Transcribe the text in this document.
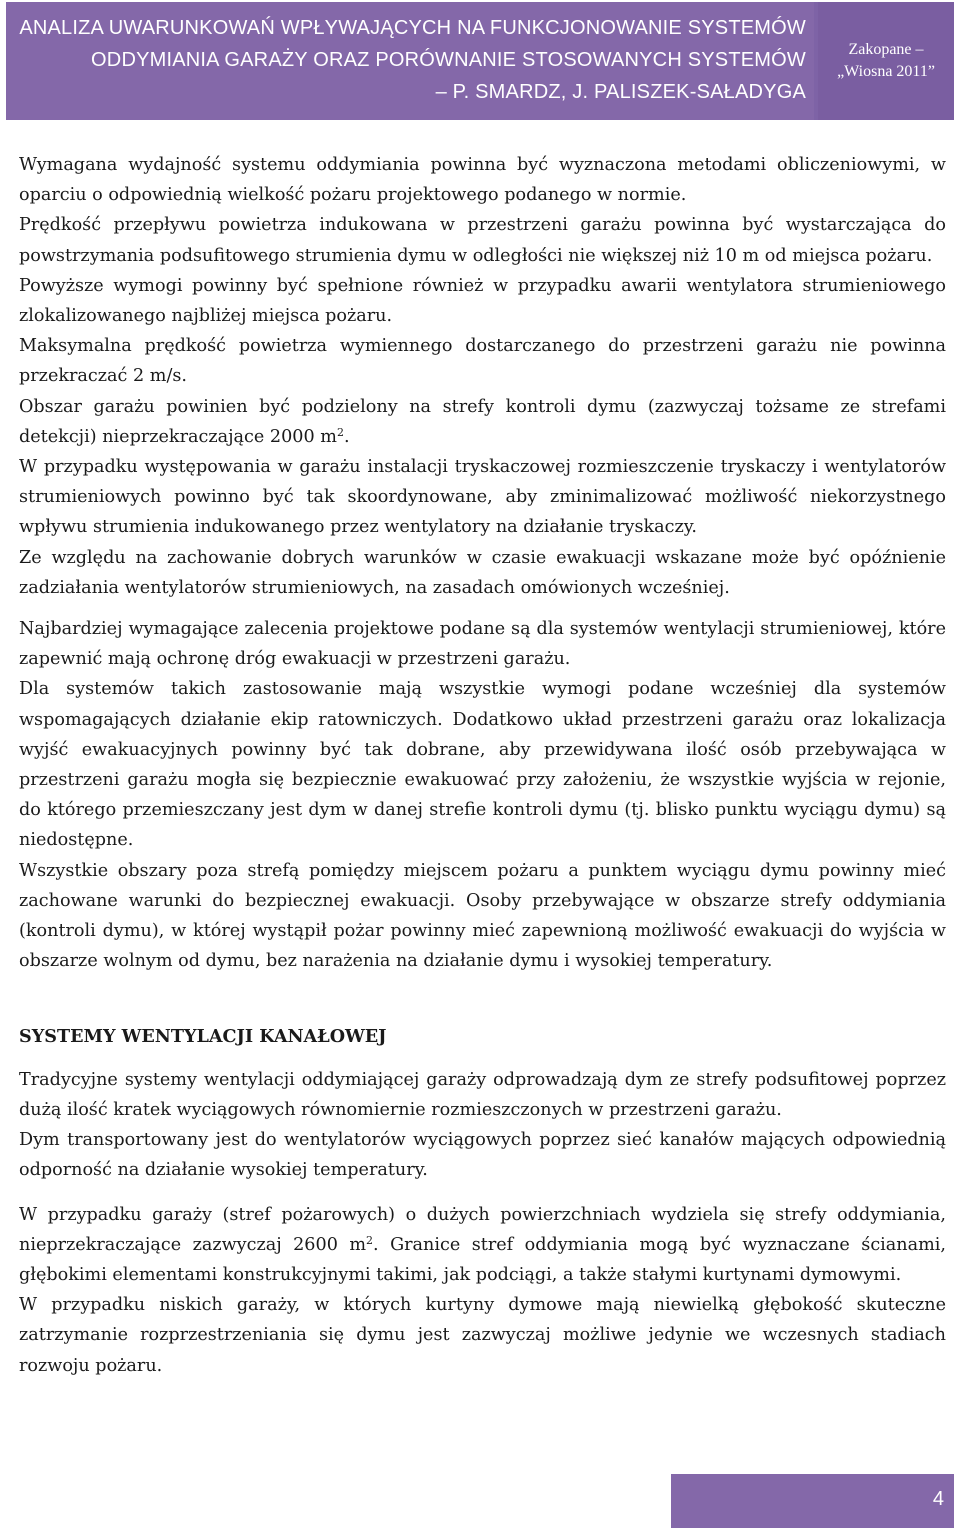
ANALIZA UWARUNKOWAŃ WPŁYWAJĄCYCH NA FUNKCJONOWANIE SYSTEMÓW
ODDYMIANIA GARAŻY ORAZ PORÓWNANIE STOSOWANYCH SYSTEMÓW
– P. SMARDZ, J. PALISZEK-SAŁADYGA
Zakopane –
„Wiosna 2011”

Wymagana wydajność systemu oddymiania powinna być wyznaczona metodami obliczeniowymi, w oparciu o odpowiednią wielkość pożaru projektowego podanego w normie.

Prędkość przepływu powietrza indukowana w przestrzeni garażu powinna być wystarczająca do powstrzymania podsufitowego strumienia dymu w odległości nie większej niż 10 m od miejsca pożaru.

Powyższe wymogi powinny być spełnione również w przypadku awarii wentylatora strumieniowego zlokalizowanego najbliżej miejsca pożaru.

Maksymalna prędkość powietrza wymiennego dostarczanego do przestrzeni garażu nie powinna przekraczać 2 m/s.

Obszar garażu powinien być podzielony na strefy kontroli dymu (zazwyczaj tożsame ze strefami detekcji) nieprzekraczające 2000 $m^2$.

W przypadku występowania w garażu instalacji tryskaczowej rozmieszczenie tryskaczy i wentylatorów strumieniowych powinno być tak skoordynowane, aby zminimalizować możliwość niekorzystnego wpływu strumienia indukowanego przez wentylatory na działanie tryskaczy.

Ze względu na zachowanie dobrych warunków w czasie ewakuacji wskazane może być opóźnienie zadziałania wentylatorów strumieniowych, na zasadach omówionych wcześniej.

Najbardziej wymagające zalecenia projektowe podane są dla systemów wentylacji strumieniowej, które zapewnić mają ochronę dróg ewakuacji w przestrzeni garażu.

Dla systemów takich zastosowanie mają wszystkie wymogi podane wcześniej dla systemów wspomagających działanie ekip ratowniczych. Dodatkowo układ przestrzeni garażu oraz lokalizacja wyjść ewakuacyjnych powinny być tak dobrane, aby przewidywana ilość osób przebywająca w przestrzeni garażu mogła się bezpiecznie ewakuować przy założeniu, że wszystkie wyjścia w rejonie, do którego przemieszczany jest dym w danej strefie kontroli dymu (tj. blisko punktu wyciągu dymu) są niedostępne.

Wszystkie obszary poza strefą pomiędzy miejscem pożaru a punktem wyciągu dymu powinny mieć zachowane warunki do bezpiecznej ewakuacji. Osoby przebywające w obszarze strefy oddymiania (kontroli dymu), w której wystąpił pożar powinny mieć zapewnioną możliwość ewakuacji do wyjścia w obszarze wolnym od dymu, bez narażenia na działanie dymu i wysokiej temperatury.

SYSTEMY WENTYLACJI KANAŁOWEJ

Tradycyjne systemy wentylacji oddymiającej garaży odprowadzają dym ze strefy podsufitowej poprzez dużą ilość kratek wyciągowych równomiernie rozmieszczonych w przestrzeni garażu.

Dym transportowany jest do wentylatorów wyciągowych poprzez sieć kanałów mających odpowiednią odporność na działanie wysokiej temperatury.

W przypadku garaży (stref pożarowych) o dużych powierzchniach wydziela się strefy oddymiania, nieprzekraczające zazwyczaj 2600 $m^2$. Granice stref oddymiania mogą być wyznaczane ścianami, głębokimi elementami konstrukcyjnymi takimi, jak podciągi, a także stałymi kurtynami dymowymi.

W przypadku niskich garaży, w których kurtyny dymowe mają niewielką głębokość skuteczne zatrzymanie rozprzestrzeniania się dymu jest zazwyczaj możliwe jedynie we wczesnych stadiach rozwoju pożaru.

4
